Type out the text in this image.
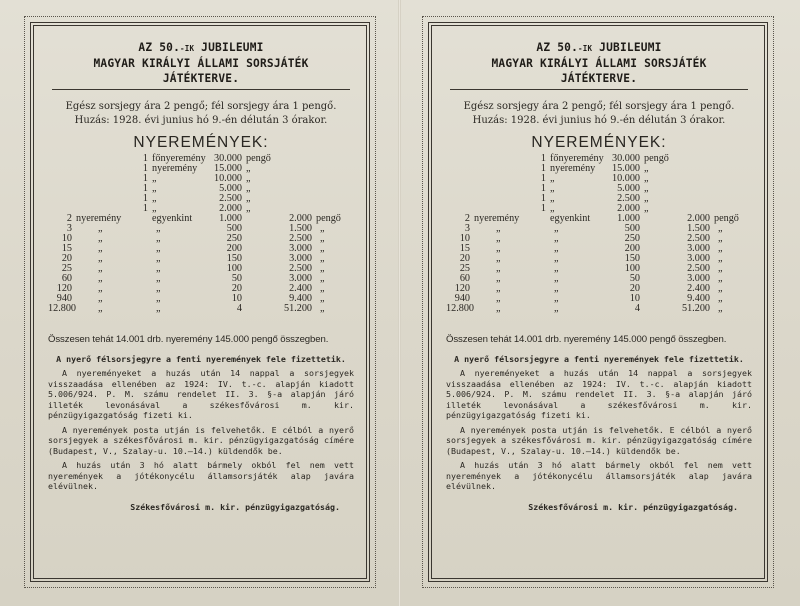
AZ 50.-IK JUBILEUMI
MAGYAR KIRÁLYI ÁLLAMI SORSJÁTÉK JÁTÉKTERVE.
Egész sorsjegy ára 2 pengő; fél sorsjegy ára 1 pengő.
Huzás: 1928. évi junius hó 9.-én délután 3 órakor.
NYEREMÉNYEK:
1 főnyeremény 30.000 pengő
1 nyeremény	15.000 „
1 „	10.000 „
1 „	5.000 „
1 „	2.500 „
1 „	2.000 „
2 nyeremény	egyenkint	1.000	2.000 pengő
3	„	„	500	1.500 „
10	„	„	250	2.500 „
15	„	„	200	3.000 „
20	„	„	150	3.000 „
25	„	„	100	2.500 „
60	„	„	50	3.000 „
120	„	„	20	2.400 „
940	„	„	10	9.400 „
12.800 „	„	4	51.200 „
Összesen tehát 14.001 drb. nyeremény 145.000 pengő összegben.
A nyerő félsorsjegyre a fenti nyeremények fele fizettetik.
A nyereményeket a huzás után 14 nappal a sorsjegyek visszaadása ellenében az 1924: IV. t.-c. alapján kiadott 5.006/924. P. M. számu rendelet II. 3. §-a alapján járó illeték levonásával a székesfővárosi m. kir. pénzügyigazgatóság fizeti ki.
A nyeremények posta utján is felvehetők. E célból a nyerő sorsjegyek a székesfővárosi m. kir. pénzügyigazgatóság címére (Budapest, V., Szalay-u. 10.—14.) küldendők be.
A huzás után 3 hó alatt bármely okból fel nem vett nyeremények a jótékonycélu államsorsjáték alap javára elévülnek.
Székesfővárosi m. kir. pénzügyigazgatóság.
AZ 50.-IK JUBILEUMI
MAGYAR KIRÁLYI ÁLLAMI SORSJÁTÉK JÁTÉKTERVE.
Egész sorsjegy ára 2 pengő; fél sorsjegy ára 1 pengő.
Huzás: 1928. évi junius hó 9.-én délután 3 órakor.
NYEREMÉNYEK:
1 főnyeremény 30.000 pengő
1 nyeremény	15.000 „
1 „	10.000 „
1 „	5.000 „
1 „	2.500 „
1 „	2.000 „
2 nyeremény	egyenkint	1.000	2.000 pengő
3	„	„	500	1.500 „
10	„	„	250	2.500 „
15	„	„	200	3.000 „
20	„	„	150	3.000 „
25	„	„	100	2.500 „
60	„	„	50	3.000 „
120	„	„	20	2.400 „
940	„	„	10	9.400 „
12.800 „	„	4	51.200 „
Összesen tehát 14.001 drb. nyeremény 145.000 pengő összegben.
A nyerő félsorsjegyre a fenti nyeremények fele fizettetik.
A nyereményeket a huzás után 14 nappal a sorsjegyek visszaadása ellenében az 1924: IV. t.-c. alapján kiadott 5.006/924. P. M. számu rendelet II. 3. §-a alapján járó illeték levonásával a székesfővárosi m. kir. pénzügyigazgatóság fizeti ki.
A nyeremények posta utján is felvehetők. E célból a nyerő sorsjegyek a székesfővárosi m. kir. pénzügyigazgatóság címére (Budapest, V., Szalay-u. 10.—14.) küldendők be.
A huzás után 3 hó alatt bármely okból fel nem vett nyeremények a jótékonycélu államsorsjáték alap javára elévülnek.
Székesfővárosi m. kir. pénzügyigazgatóság.
